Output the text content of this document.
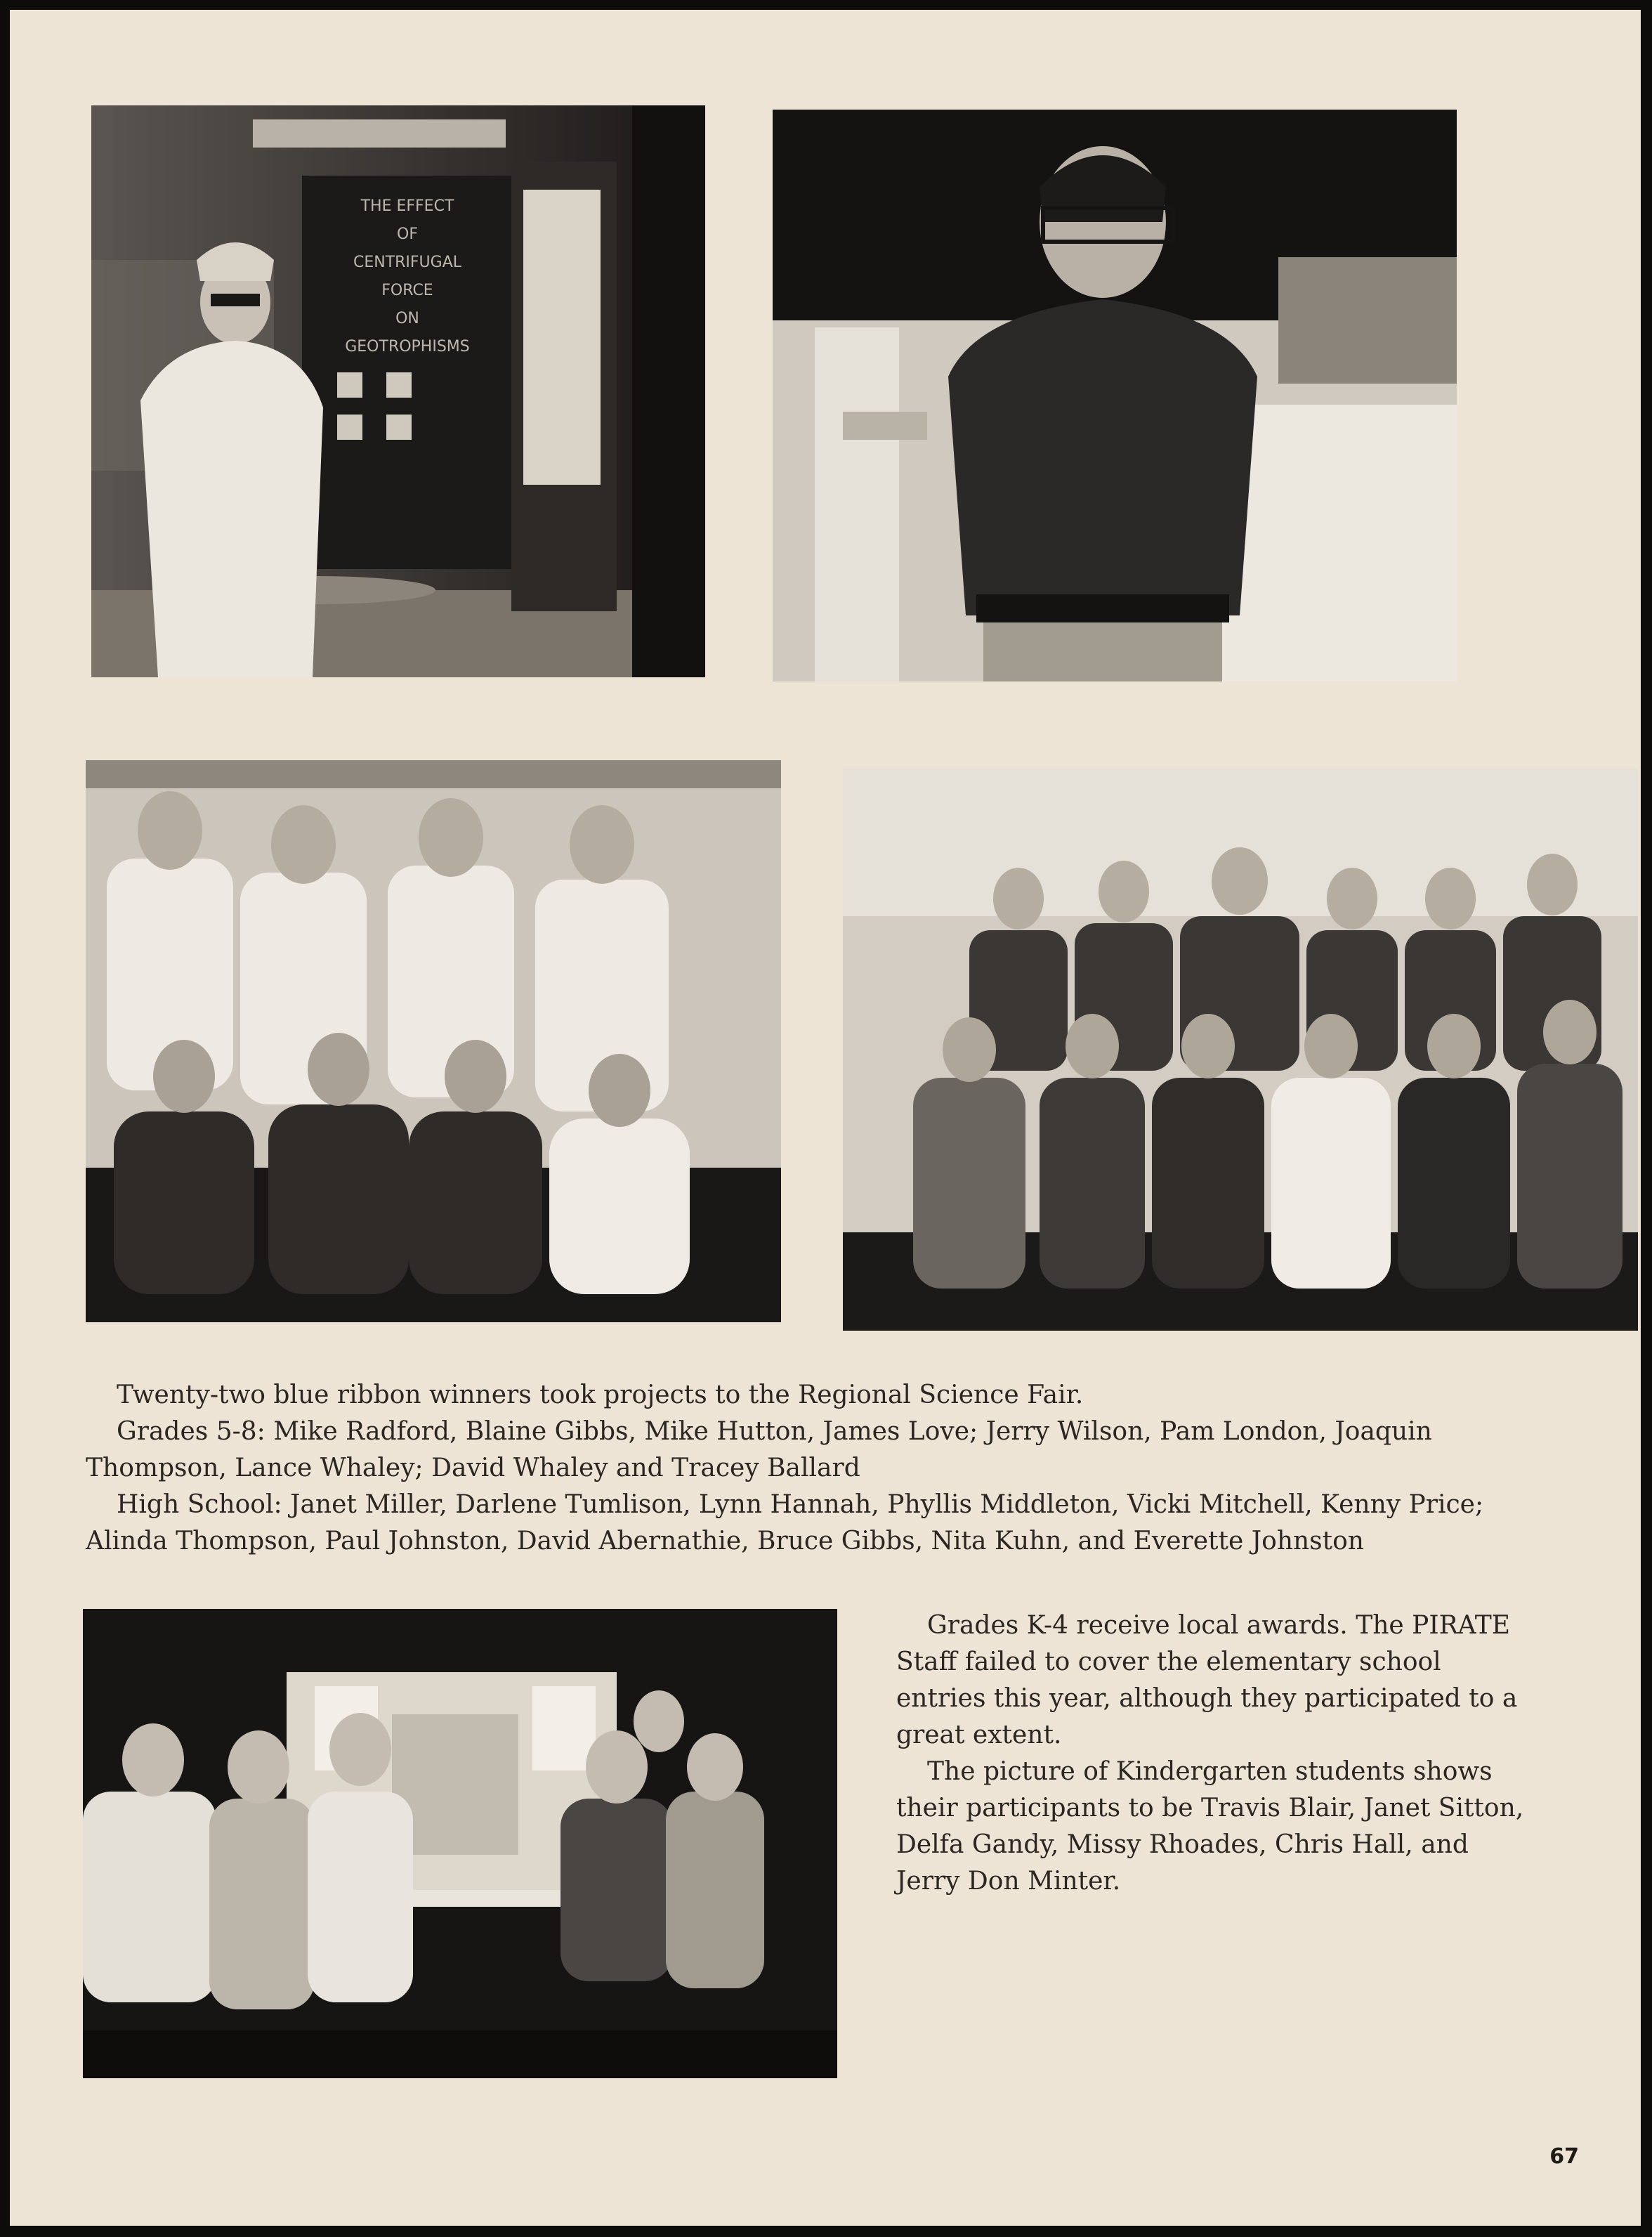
THE EFFECT
OF
CENTRIFUGAL
FORCE
ON
GEOTROPHISMS

Twenty-two blue ribbon winners took projects to the Regional Science Fair.

Grades 5-8: Mike Radford, Blaine Gibbs, Mike Hutton, James Love; Jerry Wilson, Pam London, Joaquin Thompson, Lance Whaley; David Whaley and Tracey Ballard

High School: Janet Miller, Darlene Tumlison, Lynn Hannah, Phyllis Middleton, Vicki Mitchell, Kenny Price; Alinda Thompson, Paul Johnston, David Abernathie, Bruce Gibbs, Nita Kuhn, and Everette Johnston

Grades K-4 receive local awards. The PIRATE Staff failed to cover the elementary school entries this year, although they participated to a great extent.

The picture of Kindergarten students shows their participants to be Travis Blair, Janet Sitton, Delfa Gandy, Missy Rhoades, Chris Hall, and Jerry Don Minter.

67
